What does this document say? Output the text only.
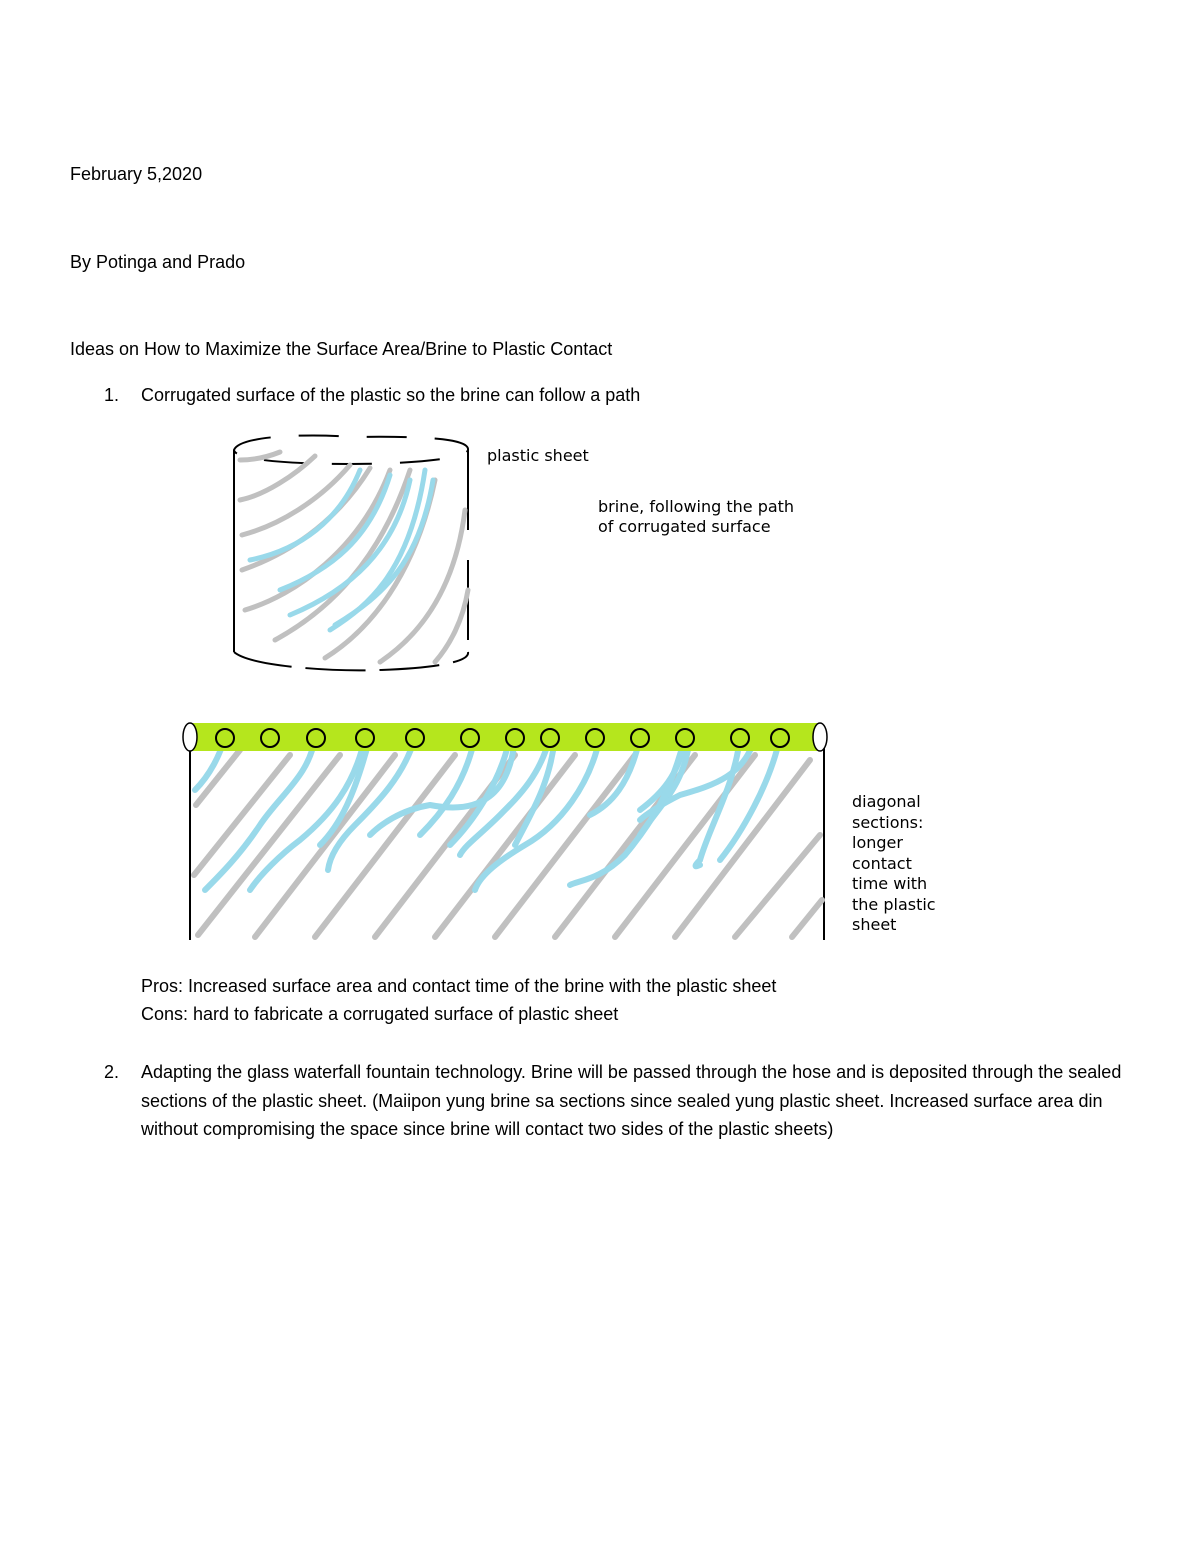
February 5,2020
By Potinga and Prado
Ideas on How to Maximize the Surface Area/Brine to Plastic Contact
1. Corrugated surface of the plastic so the brine can follow a path
plastic sheet
brine, following the path
of corrugated surface
diagonal
sections:
longer
contact
time with
the plastic
sheet
Pros: Increased surface area and contact time of the brine with the plastic sheet
Cons: hard to fabricate a corrugated surface of plastic sheet
2. Adapting the glass waterfall fountain technology. Brine will be passed through the hose and is deposited through the sealed sections of the plastic sheet. (Maiipon yung brine sa sections since sealed yung plastic sheet. Increased surface area din without compromising the space since brine will contact two sides of the plastic sheets)
